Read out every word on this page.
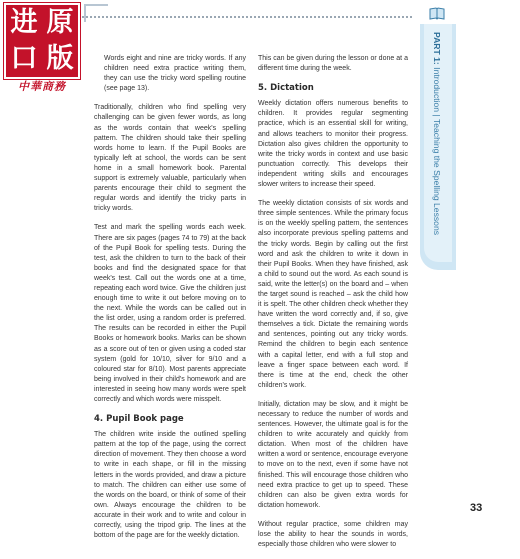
进 原
口 版
中華商務

Words eight and nine are tricky words. If any children need extra practice writing them, they can use the tricky word spelling routine (see page 13).

Traditionally, children who find spelling very challenging can be given fewer words, as long as the words contain that week's spelling pattern. The children should take their spelling words home to learn. If the Pupil Books are typically left at school, the words can be sent home in a small homework book. Parental support is extremely valuable, particularly when parents encourage their child to segment the regular words and identify the tricky parts in tricky words.

Test and mark the spelling words each week. There are six pages (pages 74 to 79) at the back of the Pupil Book for spelling tests. During the test, ask the children to turn to the back of their books and find the designated space for that week's test. Call out the words one at a time, repeating each word twice. Give the children just enough time to write it out before moving on to the next. While the words can be called out in the list order, using a random order is preferred. The results can be recorded in either the Pupil Books or homework books. Marks can be shown as a score out of ten or given using a coded star system (gold for 10/10, silver for 9/10 and a coloured star for 8/10). Most parents appreciate being involved in their child's homework and are interested in seeing how many words were spelt correctly and which words were misspelt.

4. Pupil Book page

The children write inside the outlined spelling pattern at the top of the page, using the correct direction of movement. They then choose a word to write in each shape, or fill in the missing letters in the words provided, and draw a picture to match. The children can either use some of the words on the board, or think of some of their own. Always encourage the children to be accurate in their work and to write and colour in correctly, using the tripod grip. The lines at the bottom of the page are for the weekly dictation.

This can be given during the lesson or done at a different time during the week.

5. Dictation

Weekly dictation offers numerous benefits to children. It provides regular segmenting practice, which is an essential skill for writing, and allows teachers to monitor their progress. Dictation also gives children the opportunity to write the tricky words in context and use basic punctuation correctly. This develops their independent writing skills and encourages slower writers to increase their speed.

The weekly dictation consists of six words and three simple sentences. While the primary focus is on the weekly spelling pattern, the sentences also incorporate previous spelling patterns and the tricky words. Begin by calling out the first word and ask the children to write it down in their Pupil Books. When they have finished, ask a child to sound out the word. As each sound is said, write the letter(s) on the board and – when the target sound is reached – ask the child how it is spelt. The other children check whether they have written the word correctly and, if so, give themselves a tick. Dictate the remaining words and sentences, pointing out any tricky words. Remind the children to begin each sentence with a capital letter, end with a full stop and leave a finger space between each word. If there is time at the end, check the other children's work.

Initially, dictation may be slow, and it might be necessary to reduce the number of words and sentences. However, the ultimate goal is for the children to write accurately and quickly from dictation. When most of the children have written a word or sentence, encourage everyone to move on to the next, even if some have not finished. This will encourage those children who need extra practice to get up to speed. These children can also be given extra words for dictation homework.

Without regular practice, some children may lose the ability to hear the sounds in words, especially those children who were slower to

PART 1: Introduction | Teaching the Spelling Lessons
33
